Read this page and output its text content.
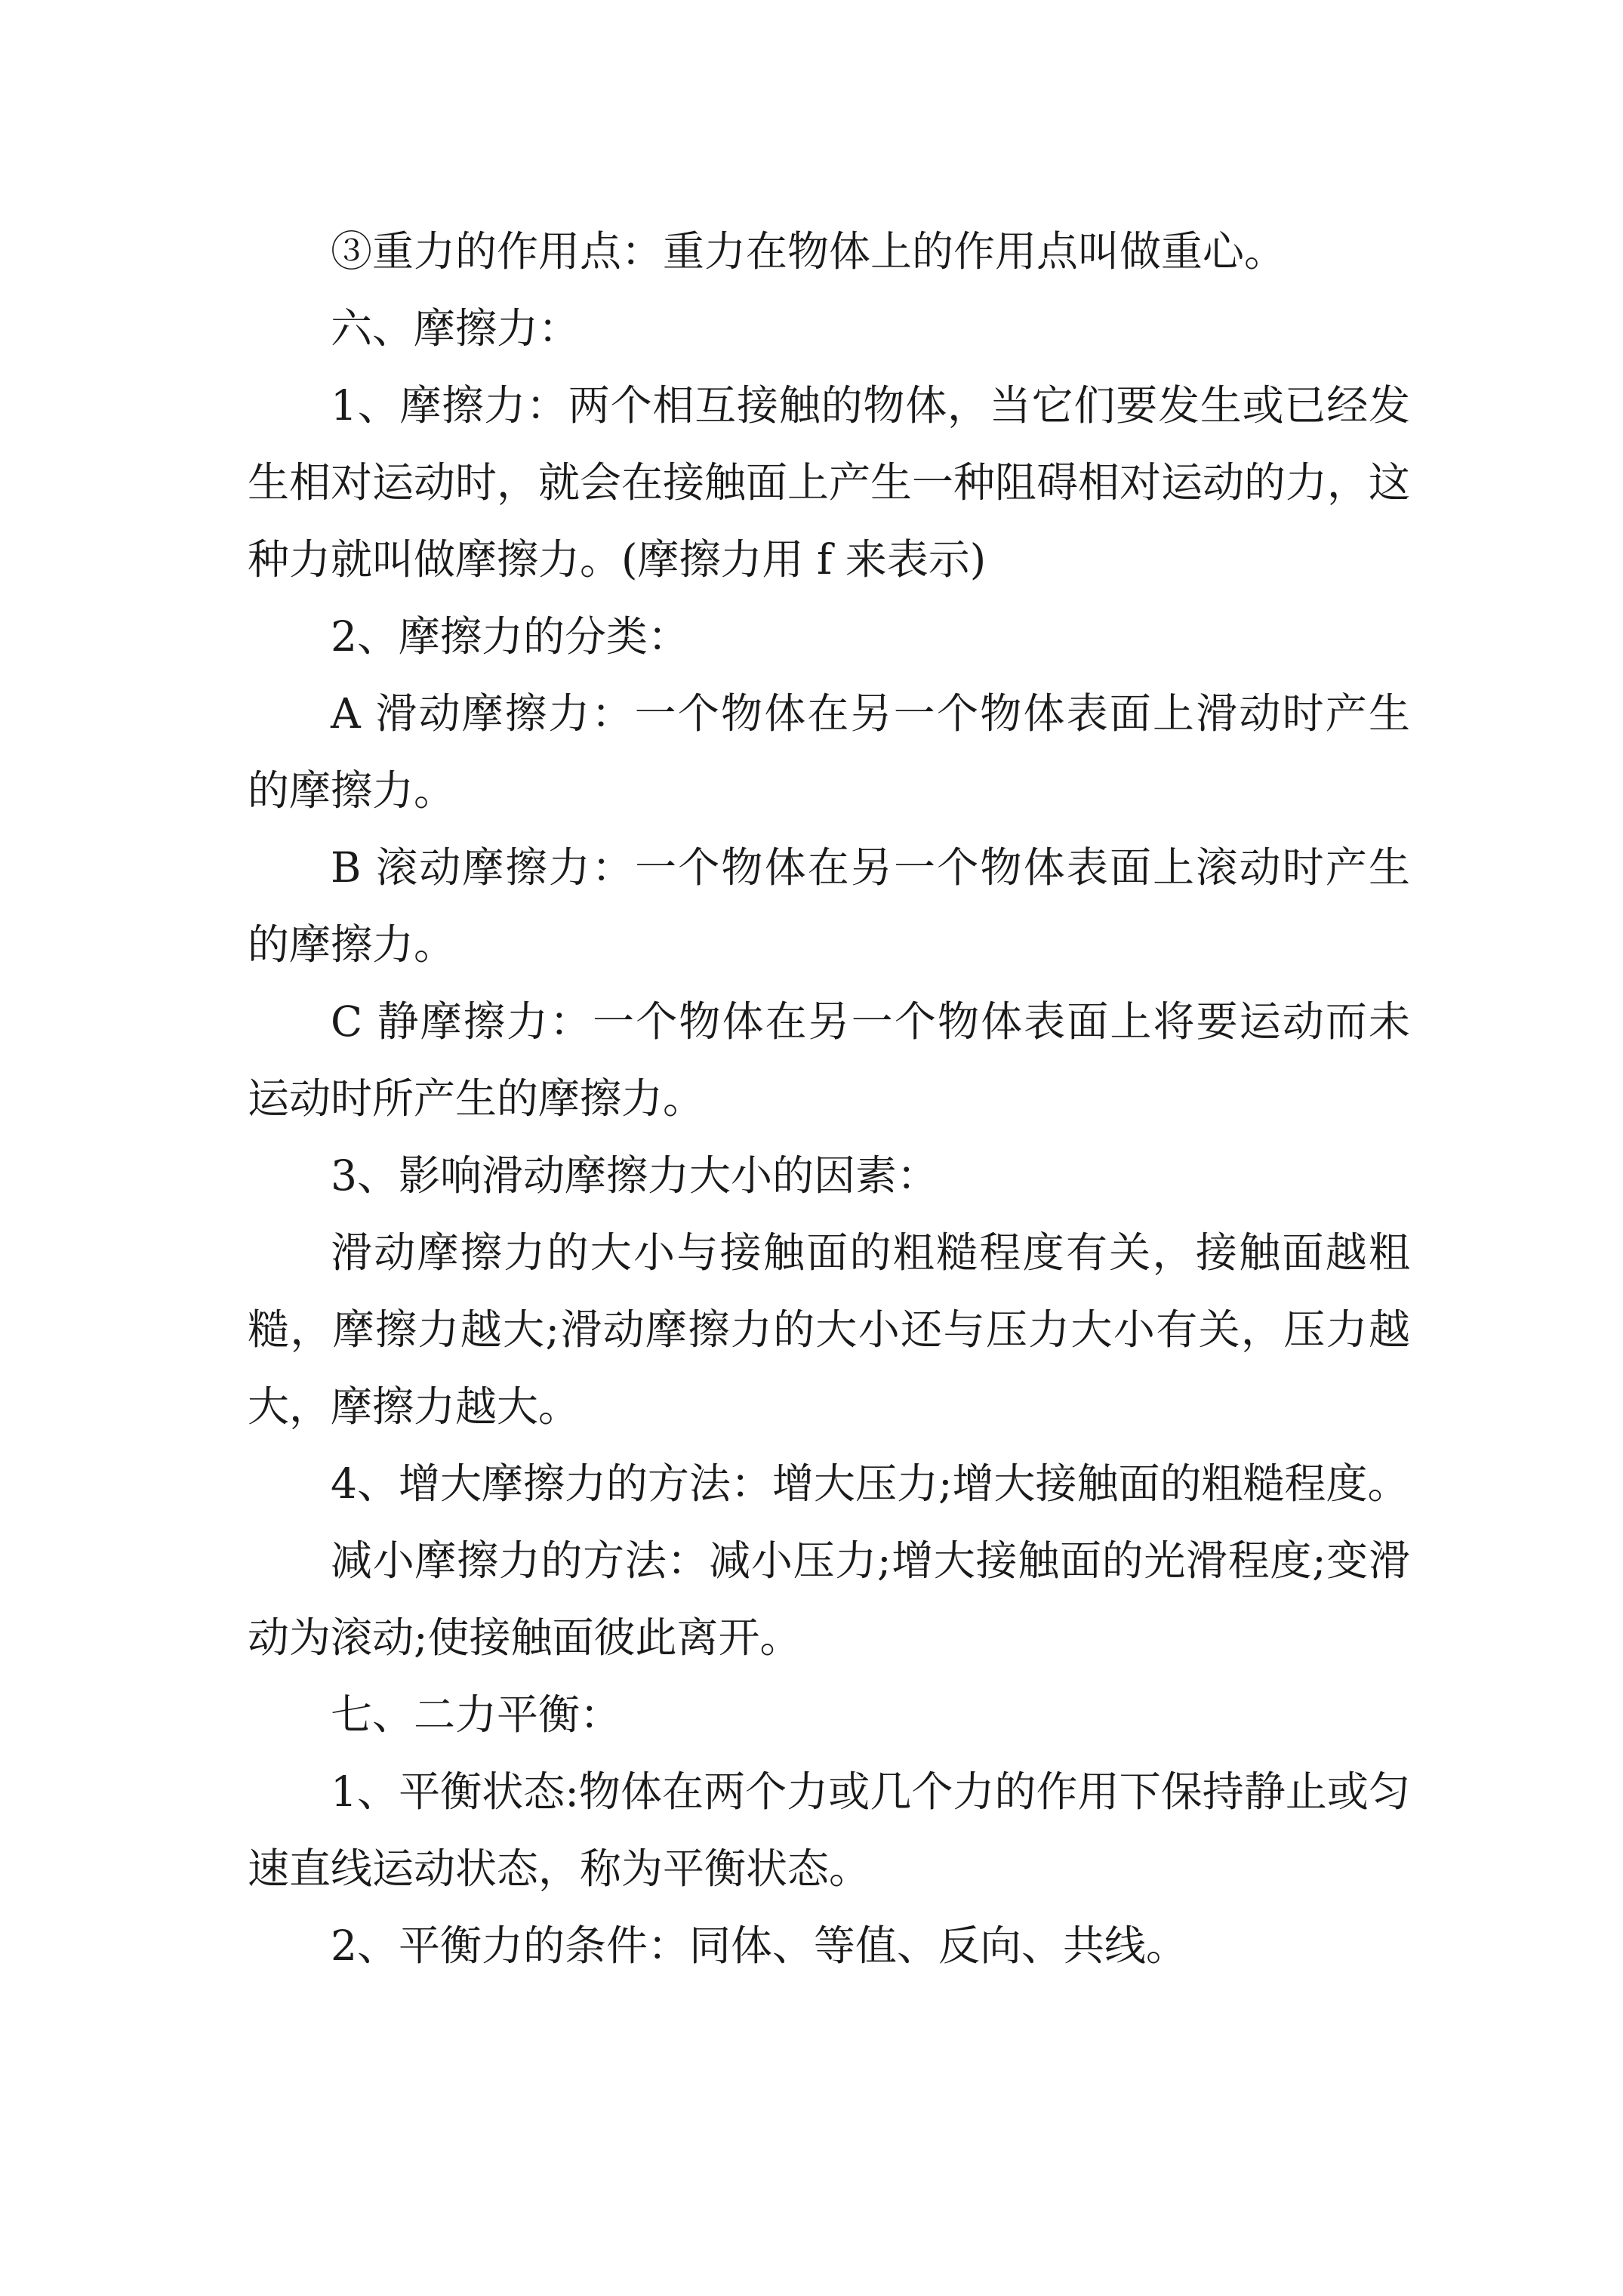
③重力的作用点：重力在物体上的作用点叫做重心。

六、摩擦力：

1、摩擦力：两个相互接触的物体，当它们要发生或已经发生相对运动时，就会在接触面上产生一种阻碍相对运动的力，这种力就叫做摩擦力。(摩擦力用 f 来表示)

2、摩擦力的分类：

A 滑动摩擦力：一个物体在另一个物体表面上滑动时产生的摩擦力。

B 滚动摩擦力：一个物体在另一个物体表面上滚动时产生的摩擦力。

C 静摩擦力：一个物体在另一个物体表面上将要运动而未运动时所产生的摩擦力。

3、影响滑动摩擦力大小的因素：

滑动摩擦力的大小与接触面的粗糙程度有关，接触面越粗糙，摩擦力越大;滑动摩擦力的大小还与压力大小有关，压力越大，摩擦力越大。

4、增大摩擦力的方法：增大压力;增大接触面的粗糙程度。

减小摩擦力的方法：减小压力;增大接触面的光滑程度;变滑动为滚动;使接触面彼此离开。

七、二力平衡：

1、平衡状态:物体在两个力或几个力的作用下保持静止或匀速直线运动状态，称为平衡状态。

2、平衡力的条件：同体、等值、反向、共线。
